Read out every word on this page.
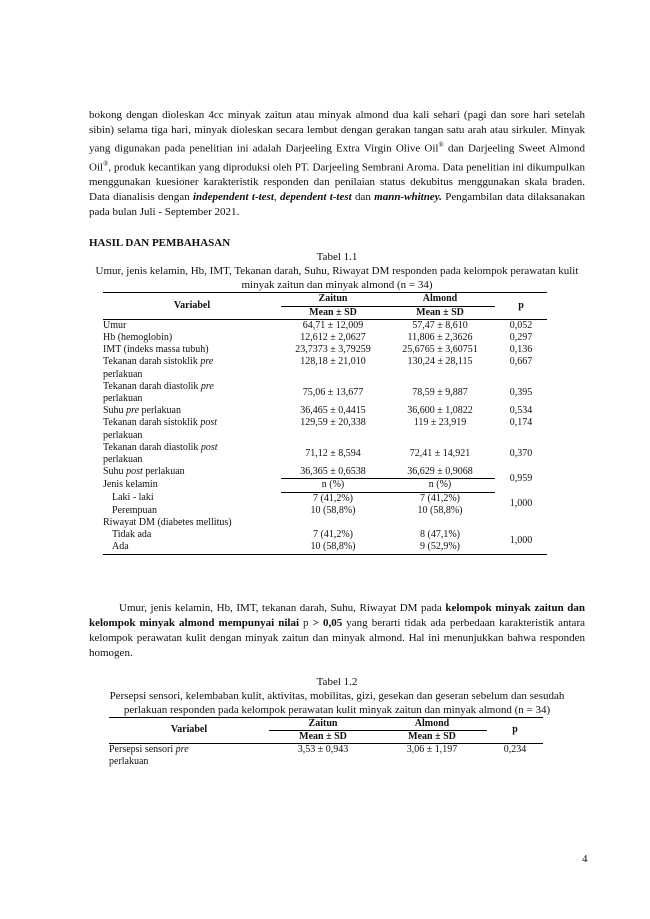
bokong dengan dioleskan 4cc minyak zaitun atau minyak almond dua kali sehari (pagi dan sore hari setelah sibin) selama tiga hari, minyak dioleskan secara lembut dengan gerakan tangan satu arah atau sirkuler. Minyak yang digunakan pada penelitian ini adalah Darjeeling Extra Virgin Olive Oil® dan Darjeeling Sweet Almond Oil®, produk kecantikan yang diproduksi oleh PT. Darjeeling Sembrani Aroma. Data penelitian ini dikumpulkan menggunakan kuesioner karakteristik responden dan penilaian status dekubitus menggunakan skala braden. Data dianalisis dengan independent t-test, dependent t-test dan mann-whitney. Pengambilan data dilaksanakan pada bulan Juli - September 2021.

HASIL DAN PEMBAHASAN
Tabel 1.1
Umur, jenis kelamin, Hb, IMT, Tekanan darah, Suhu, Riwayat DM responden pada kelompok perawatan kulit minyak zaitun dan minyak almond (n = 34)
Variabel	Zaitun	Almond	p
	Mean ± SD	Mean ± SD	
Umur	64,71 ± 12,009	57,47 ± 8,610	0,052
Hb (hemoglobin)	12,612 ± 2,0627	11,806 ± 2,3626	0,297
IMT (indeks massa tubuh)	23,7373 ± 3,79259	25,6765 ± 3,60751	0,136
Tekanan darah sistoklik pre
perlakuan	128,18 ± 21,010	130,24 ± 28,115	0,667
Tekanan darah diastolik pre
perlakuan	75,06 ± 13,677	78,59 ± 9,887	0,395
Suhu pre perlakuan	36,465 ± 0,4415	36,600 ± 1,0822	0,534
Tekanan darah sistoklik post
perlakuan	129,59 ± 20,338	119 ± 23,919	0,174
Tekanan darah diastolik post
perlakuan	71,12 ± 8,594	72,41 ± 14,921	0,370
Suhu post perlakuan	36,365 ± 0,6538	36,629 ± 0,9068	0,959
Jenis kelamin	n (%)	n (%)	
Laki - laki	7 (41,2%)	7 (41,2%)	1,000
Perempuan	10 (58,8%)	10 (58,8%)	
Riwayat DM (diabetes mellitus)			
Tidak ada	7 (41,2%)	8 (47,1%)	1,000
Ada	10 (58,8%)	9 (52,9%)	

Umur, jenis kelamin, Hb, IMT, tekanan darah, Suhu, Riwayat DM pada kelompok minyak zaitun dan kelompok minyak almond mempunyai nilai p > 0,05 yang berarti tidak ada perbedaan karakteristik antara kelompok perawatan kulit dengan minyak zaitun dan minyak almond. Hal ini menunjukkan bahwa responden homogen.

Tabel 1.2
Persepsi sensori, kelembaban kulit, aktivitas, mobilitas, gizi, gesekan dan geseran sebelum dan sesudah perlakuan responden pada kelompok perawatan kulit minyak zaitun dan minyak almond (n = 34)
Variabel	Zaitun	Almond	p
	Mean ± SD	Mean ± SD	
Persepsi sensori pre
perlakuan	3,53 ± 0,943	3,06 ± 1,197	0,234
4
